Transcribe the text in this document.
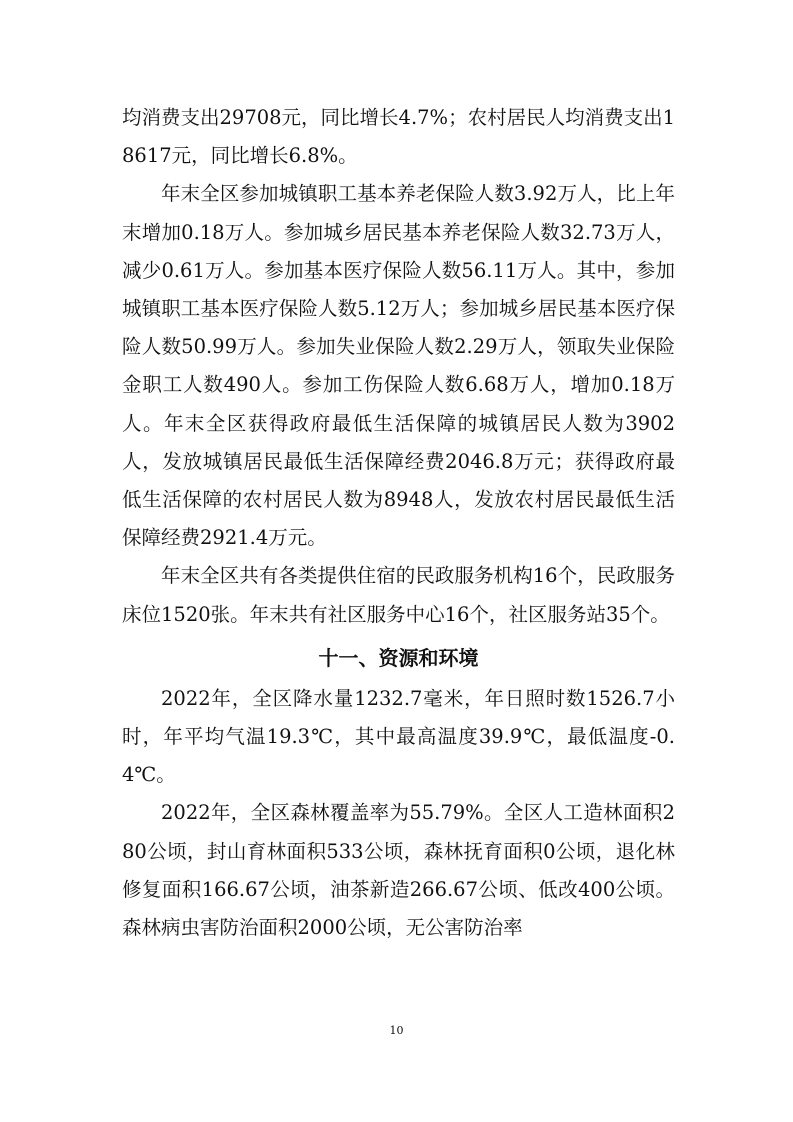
均消费支出29708元，同比增长4.7%；农村居民人均消费支出18617元，同比增长6.8%。

年末全区参加城镇职工基本养老保险人数3.92万人，比上年末增加0.18万人。参加城乡居民基本养老保险人数32.73万人，减少0.61万人。参加基本医疗保险人数56.11万人。其中，参加城镇职工基本医疗保险人数5.12万人；参加城乡居民基本医疗保险人数50.99万人。参加失业保险人数2.29万人，领取失业保险金职工人数490人。参加工伤保险人数6.68万人，增加0.18万人。年末全区获得政府最低生活保障的城镇居民人数为3902人，发放城镇居民最低生活保障经费2046.8万元；获得政府最低生活保障的农村居民人数为8948人，发放农村居民最低生活保障经费2921.4万元。

年末全区共有各类提供住宿的民政服务机构16个，民政服务床位1520张。年末共有社区服务中心16个，社区服务站35个。

十一、资源和环境

2022年，全区降水量1232.7毫米，年日照时数1526.7小时，年平均气温19.3℃，其中最高温度39.9℃，最低温度-0.4℃。

2022年，全区森林覆盖率为55.79%。全区人工造林面积280公顷，封山育林面积533公顷，森林抚育面积0公顷，退化林修复面积166.67公顷，油茶新造266.67公顷、低改400公顷。森林病虫害防治面积2000公顷，无公害防治率

10
